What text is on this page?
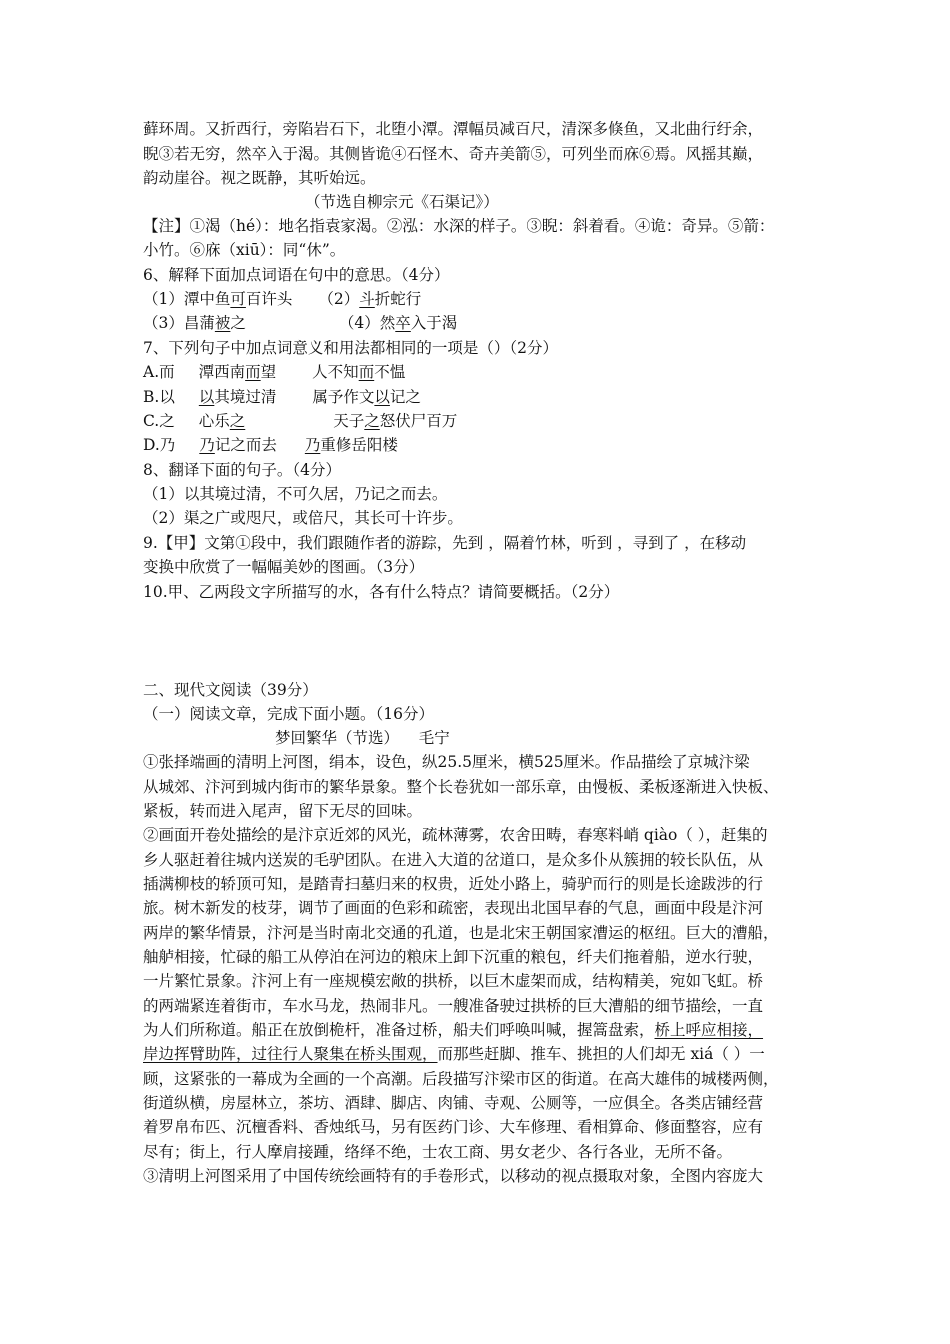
藓环周。又折西行，旁陷岩石下，北堕小潭。潭幅员减百尺，清深多倏鱼，又北曲行纡余，
睨③若无穷，然卒入于渴。其侧皆诡④石怪木、奇卉美箭⑤，可列坐而庥⑥焉。风摇其巅，
韵动崖谷。视之既静，其听始远。
（节选自柳宗元《石渠记》）
【注】①渴（hé）：地名指袁家渴。②泓：水深的样子。③睨：斜着看。④诡：奇异。⑤箭：
小竹。⑥庥（xiū）：同“休”。
6、解释下面加点词语在句中的意思。（4分）
（1）潭中鱼可百许头 （2）斗折蛇行
（3）昌蒲被之	（4）然卒入于渴
7、下列句子中加点词意义和用法都相同的一项是（）（2分）
A.而 潭西南而望 人不知而不愠
B.以 以其境过清 属予作文以记之
C.之 心乐之	天子之怒伏尸百万
D.乃 乃记之而去 乃重修岳阳楼
8、翻译下面的句子。（4分）
（1）以其境过清，不可久居，乃记之而去。
（2）渠之广或咫尺，或倍尺，其长可十许步。
9.【甲】文第①段中，我们跟随作者的游踪，先到 ，隔着竹林，听到 ，寻到了 ，在移动
变换中欣赏了一幅幅美妙的图画。（3分）
10.甲、乙两段文字所描写的水，各有什么特点？请简要概括。（2分）
二、现代文阅读（39分）
（一）阅读文章，完成下面小题。（16分）
梦回繁华（节选）    毛宁
①张择端画的清明上河图，绢本，设色，纵25.5厘米，横525厘米。作品描绘了京城汴梁
从城郊、汴河到城内街市的繁华景象。整个长卷犹如一部乐章，由慢板、柔板逐渐进入快板、
紧板，转而进入尾声，留下无尽的回味。
②画面开卷处描绘的是汴京近郊的风光，疏林薄雾，农舍田畴，春寒料峭 qiào（ ），赶集的
乡人驱赶着往城内送炭的毛驴团队。在进入大道的岔道口，是众多仆从簇拥的较长队伍，从
插满柳枝的轿顶可知，是踏青扫墓归来的权贵，近处小路上，骑驴而行的则是长途跋涉的行
旅。树木新发的枝芽，调节了画面的色彩和疏密，表现出北国早春的气息，画面中段是汴河
两岸的繁华情景，汴河是当时南北交通的孔道，也是北宋王朝国家漕运的枢纽。巨大的漕船，
舳舻相接，忙碌的船工从停泊在河边的粮床上卸下沉重的粮包，纤夫们拖着船，逆水行驶，
一片繁忙景象。汴河上有一座规模宏敞的拱桥，以巨木虚架而成，结构精美，宛如飞虹。桥
的两端紧连着街市，车水马龙，热闹非凡。一艘准备驶过拱桥的巨大漕船的细节描绘，一直
为人们所称道。船正在放倒桅杆，准备过桥，船夫们呼唤叫喊，握篙盘索，桥上呼应相接，
岸边挥臂助阵，过往行人聚集在桥头围观，而那些赶脚、推车、挑担的人们却无 xiá（ ）一
顾，这紧张的一幕成为全画的一个高潮。后段描写汴梁市区的街道。在高大雄伟的城楼两侧，
街道纵横，房屋林立，茶坊、酒肆、脚店、肉铺、寺观、公厕等，一应俱全。各类店铺经营
着罗帛布匹、沉檀香料、香烛纸马，另有医药门诊、大车修理、看相算命、修面整容，应有
尽有；街上，行人摩肩接踵，络绎不绝，士农工商、男女老少、各行各业，无所不备。
③清明上河图采用了中国传统绘画特有的手卷形式，以移动的视点摄取对象，全图内容庞大
